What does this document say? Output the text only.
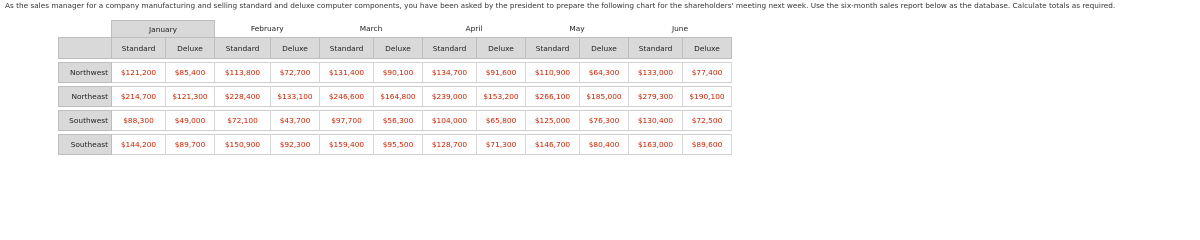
As the sales manager for a company manufacturing and selling standard and deluxe computer components, you have been asked by the president to prepare the following chart for the shareholders' meeting next week. Use the six-month sales report below as the database. Calculate totals as required.
	January		February		March		April		May		June	
	Standard	Deluxe	Standard	Deluxe	Standard	Deluxe	Standard	Deluxe	Standard	Deluxe	Standard	Deluxe

Northwest	$121,200	$85,400	$113,800	$72,700	$131,400	$90,100	$134,700	$91,600	$110,900	$64,300	$133,000	$77,400

Northeast	$214,700	$121,300	$228,400	$133,100	$246,600	$164,800	$239,000	$153,200	$266,100	$185,000	$279,300	$190,100

Southwest	$88,300	$49,000	$72,100	$43,700	$97,700	$56,300	$104,000	$65,800	$125,000	$76,300	$130,400	$72,500

Southeast	$144,200	$89,700	$150,900	$92,300	$159,400	$95,500	$128,700	$71,300	$146,700	$80,400	$163,000	$89,600
